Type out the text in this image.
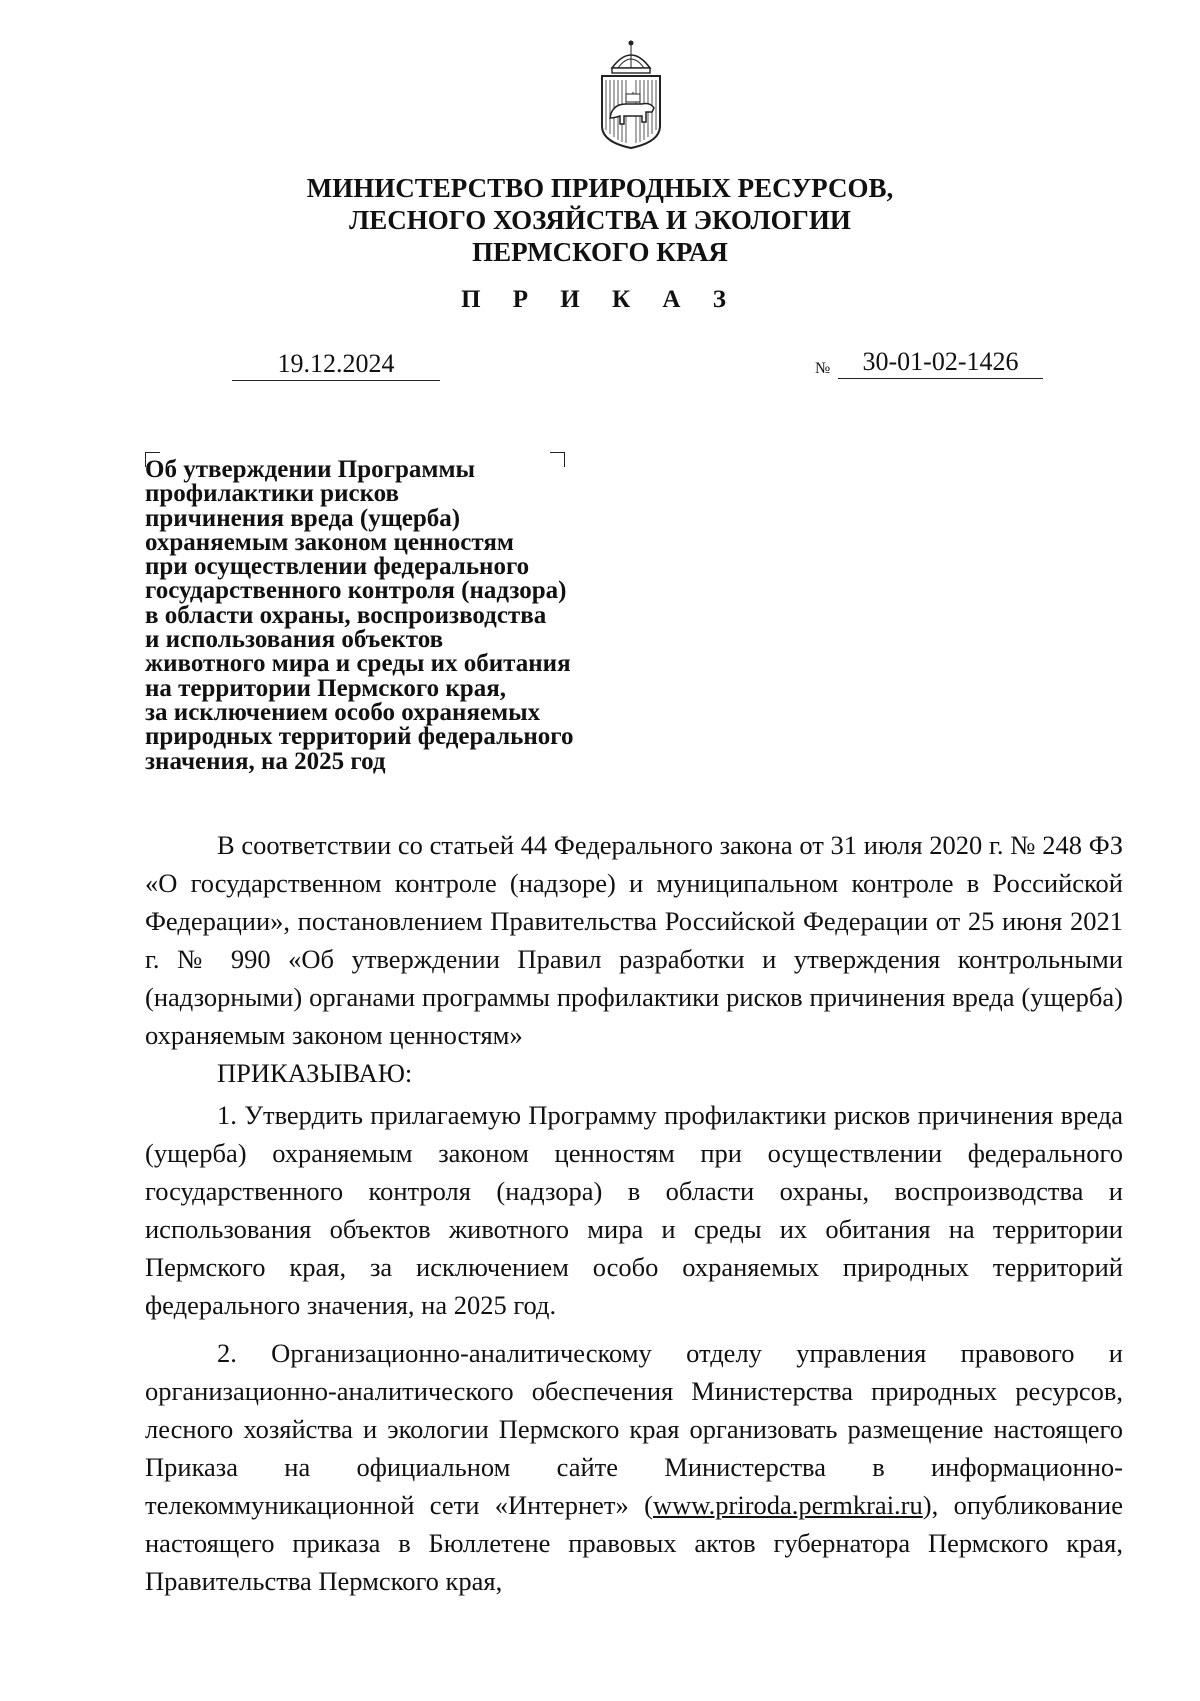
МИНИСТЕРСТВО ПРИРОДНЫХ РЕСУРСОВ,
ЛЕСНОГО ХОЗЯЙСТВА И ЭКОЛОГИИ
ПЕРМСКОГО КРАЯ
П Р И К А З
19.12.2024	№	30-01-02-1426
Об утверждении Программы
профилактики рисков
причинения вреда (ущерба)
охраняемым законом ценностям
при осуществлении федерального
государственного контроля (надзора)
в области охраны, воспроизводства
и использования объектов
животного мира и среды их обитания
на территории Пермского края,
за исключением особо охраняемых
природных территорий федерального
значения, на 2025 год

В соответствии со статьей 44 Федерального закона от 31 июля 2020 г. № 248 ФЗ «О государственном контроле (надзоре) и муниципальном контроле в Российской Федерации», постановлением Правительства Российской Федерации от 25 июня 2021 г. № 990 «Об утверждении Правил разработки и утверждения контрольными (надзорными) органами программы профилактики рисков причинения вреда (ущерба) охраняемым законом ценностям»

ПРИКАЗЫВАЮ:

1. Утвердить прилагаемую Программу профилактики рисков причинения вреда (ущерба) охраняемым законом ценностям при осуществлении федерального государственного контроля (надзора) в области охраны, воспроизводства и использования объектов животного мира и среды их обитания на территории Пермского края, за исключением особо охраняемых природных территорий федерального значения, на 2025 год.

2. Организационно-аналитическому отделу управления правового и организационно-аналитического обеспечения Министерства природных ресурсов, лесного хозяйства и экологии Пермского края организовать размещение настоящего Приказа на официальном сайте Министерства в информационно-телекоммуникационной сети «Интернет» (www.priroda.permkrai.ru), опубликование настоящего приказа в Бюллетене правовых актов губернатора Пермского края, Правительства Пермского края,
